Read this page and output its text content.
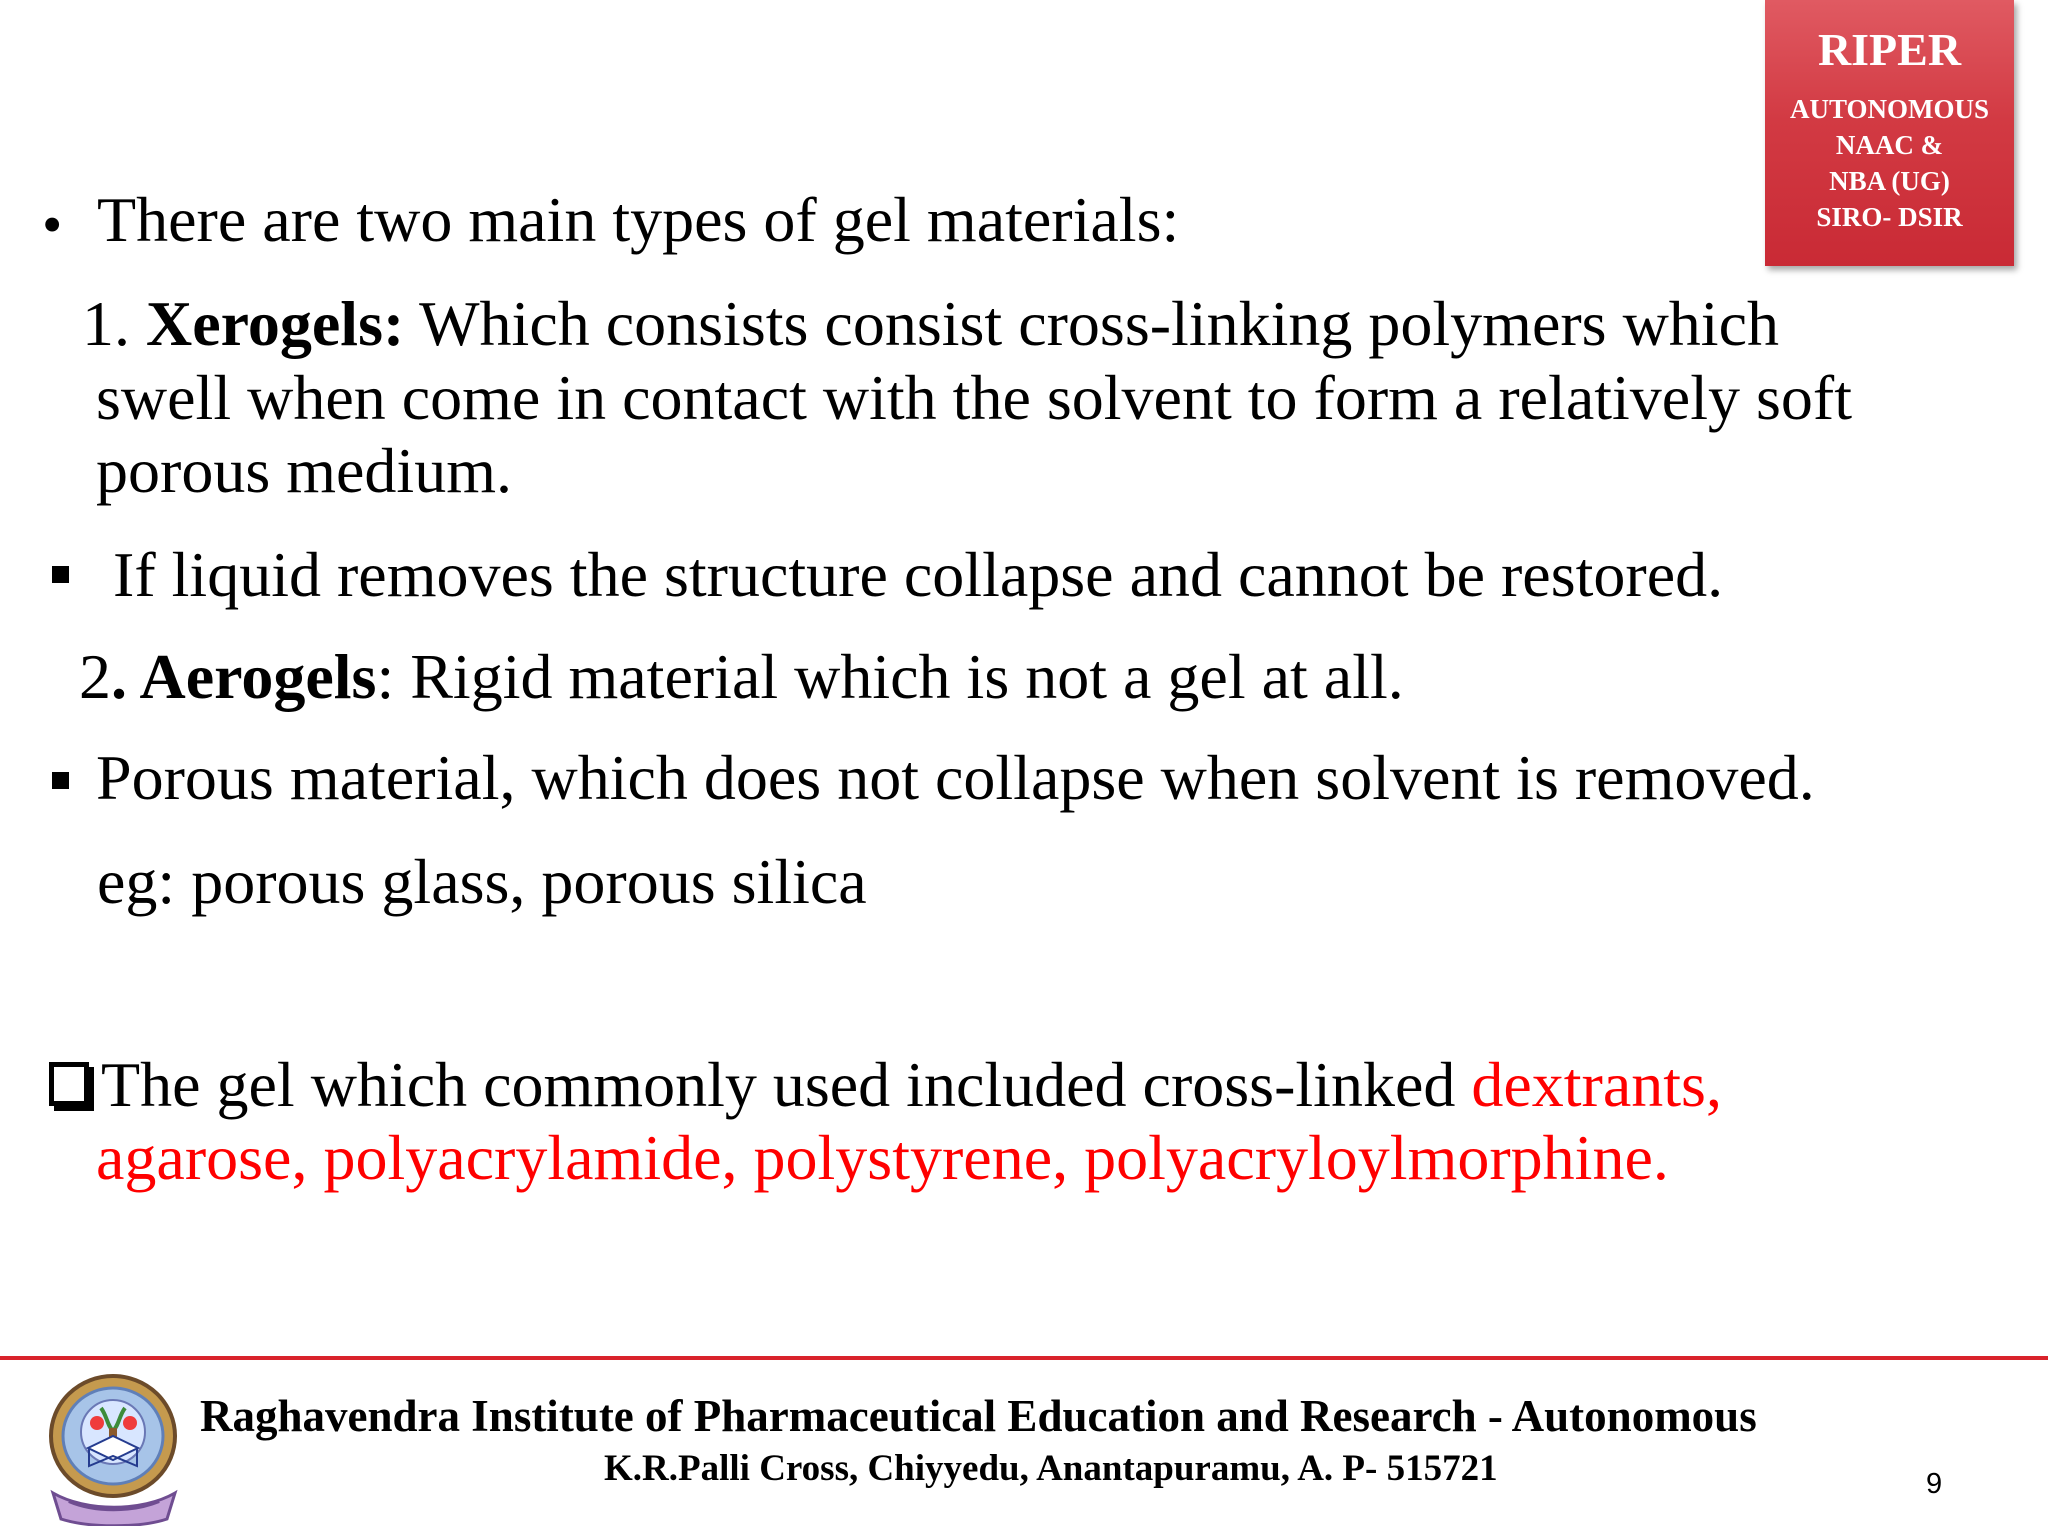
RIPER
AUTONOMOUS
NAAC &
NBA (UG)
SIRO- DSIR
• There are two main types of gel materials:
1. Xerogels: Which consists consist cross-linking polymers which
swell when come in contact with the solvent to form a relatively soft
porous medium.
If liquid removes the structure collapse and cannot be restored.
2. Aerogels: Rigid material which is not a gel at all.
Porous material, which does not collapse when solvent is removed.
eg: porous glass, porous silica
The gel which commonly used included cross-linked dextrants,
agarose, polyacrylamide, polystyrene, polyacryloylmorphine.
Raghavendra Institute of Pharmaceutical Education and Research - Autonomous
K.R.Palli Cross, Chiyyedu, Anantapuramu, A. P- 515721	9
